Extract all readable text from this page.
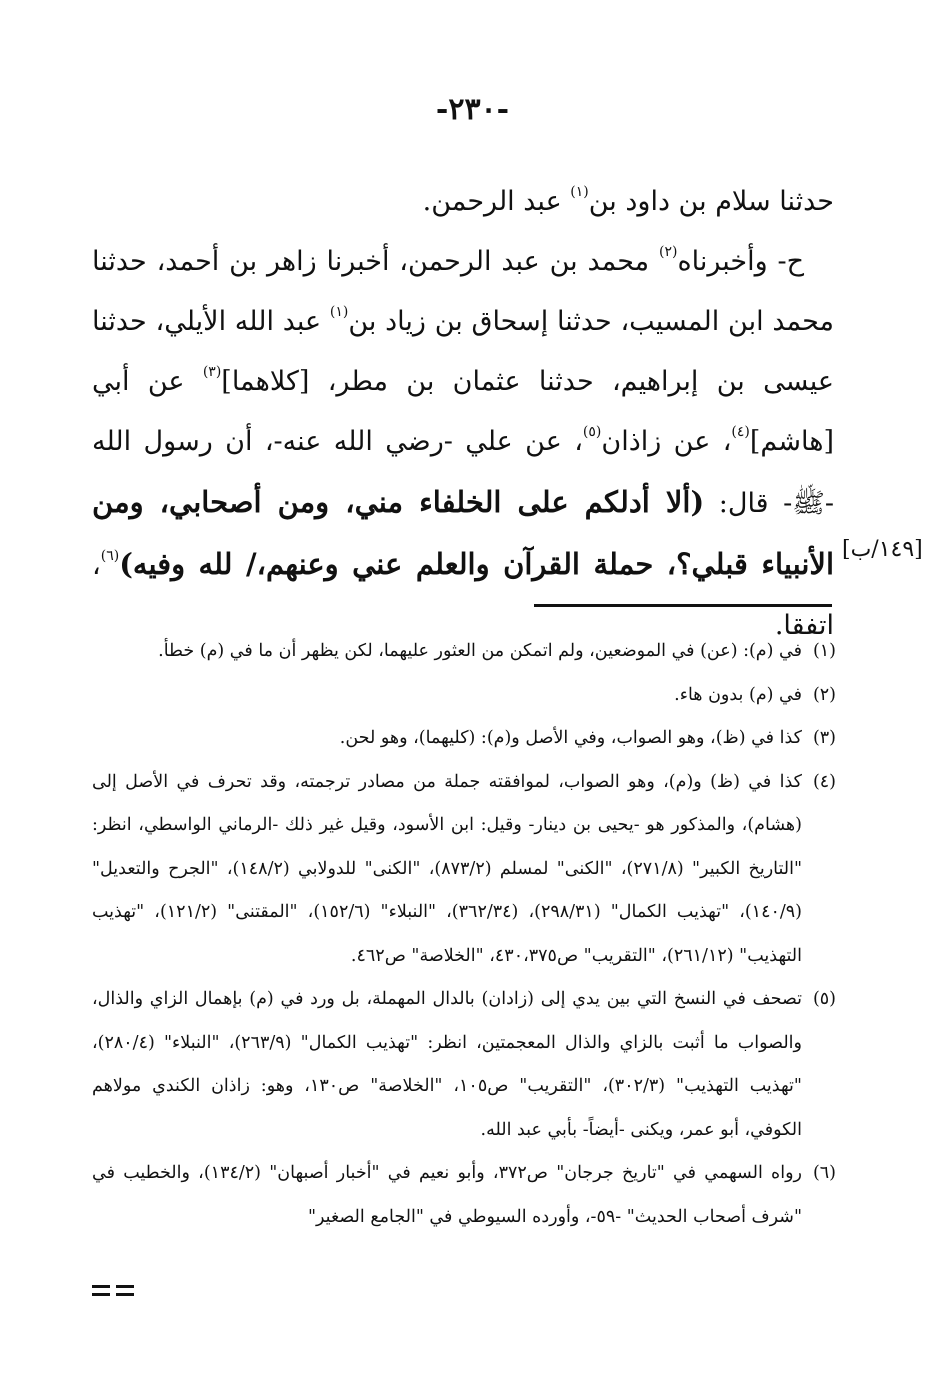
-٢٣٠-

حدثنا سلام بن داود بن$^{(١)}$ عبد الرحمن.

ح- وأخبرناه$^{(٢)}$ محمد بن عبد الرحمن، أخبرنا زاهر بن أحمد، حدثنا محمد ابن المسيب، حدثنا إسحاق بن زياد بن$^{(١)}$ عبد الله الأيلي، حدثنا عيسى بن إبراهيم، حدثنا عثمان بن مطر، [كلاهما]$^{(٣)}$ عن أبي [هاشم]$^{(٤)}$، عن زاذان$^{(٥)}$، عن علي -رضي الله عنه-، أن رسول الله -ﷺ- قال: (ألا أدلكم على الخلفاء مني، ومن أصحابي، ومن الأنبياء قبلي؟، حملة القرآن والعلم عني وعنهم،/ لله وفيه)$^{(٦)}$، اتفقا.

[١٤٩/ب]

(١)في (م): (عن) في الموضعين، ولم اتمكن من العثور عليهما، لكن يظهر أن ما في (م) خطأ.

(٢)في (م) بدون هاء.

(٣)كذا في (ظ)، وهو الصواب، وفي الأصل و(م): (كليهما)، وهو لحن.

(٤)كذا في (ظ) و(م)، وهو الصواب، لموافقته جملة من مصادر ترجمته، وقد تحرف في الأصل إلى (هشام)، والمذكور هو -يحيى بن دينار- وقيل: ابن الأسود، وقيل غير ذلك -الرماني الواسطي، انظر: "التاريخ الكبير" (٢٧١/٨)، "الكنى" لمسلم (٨٧٣/٢)، "الكنى" للدولابي (١٤٨/٢)، "الجرح والتعديل" (١٤٠/٩)، "تهذيب الكمال" (٢٩٨/٣١)، (٣٦٢/٣٤)، "النبلاء" (١٥٢/٦)، "المقتنى" (١٢١/٢)، "تهذيب التهذيب" (٢٦١/١٢)، "التقريب" ص٤٣٠،٣٧٥، "الخلاصة" ص٤٦٢.

(٥)تصحف في النسخ التي بين يدي إلى (زادان) بالدال المهملة، بل ورد في (م) بإهمال الزاي والذال، والصواب ما أثبت بالزاي والذال المعجمتين، انظر: "تهذيب الكمال" (٢٦٣/٩)، "النبلاء" (٢٨٠/٤)، "تهذيب التهذيب" (٣٠٢/٣)، "التقريب" ص١٠٥، "الخلاصة" ص١٣٠، وهو: زاذان الكندي مولاهم الكوفي، أبو عمر، ويكنى -أيضاً- بأبي عبد الله.

(٦)رواه السهمي في "تاريخ جرجان" ص٣٧٢، وأبو نعيم في "أخبار أصبهان" (١٣٤/٢)، والخطيب في "شرف أصحاب الحديث" -٥٩-، وأورده السيوطي في "الجامع الصغير"
